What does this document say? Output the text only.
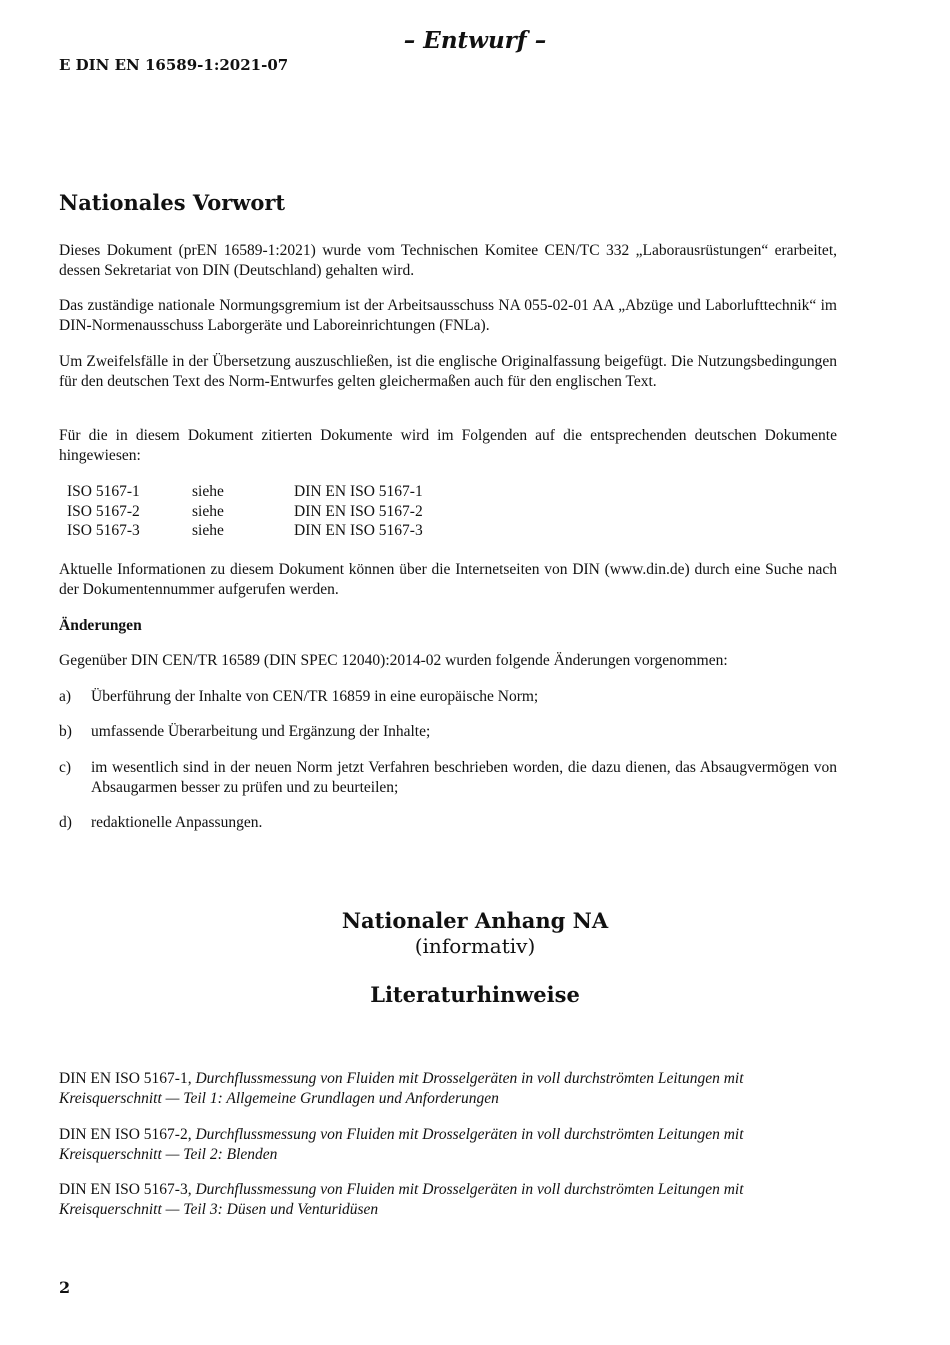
– Entwurf –
E DIN EN 16589-1:2021-07
Nationales Vorwort

Dieses Dokument (prEN 16589-1:2021) wurde vom Technischen Komitee CEN/TC 332 „Laborausrüstungen“ erarbeitet, dessen Sekretariat von DIN (Deutschland) gehalten wird.

Das zuständige nationale Normungsgremium ist der Arbeitsausschuss NA 055-02-01 AA „Abzüge und Laborlufttechnik“ im DIN-Normenausschuss Laborgeräte und Laboreinrichtungen (FNLa).

Um Zweifelsfälle in der Übersetzung auszuschließen, ist die englische Originalfassung beigefügt. Die Nutzungsbedingungen für den deutschen Text des Norm-Entwurfes gelten gleichermaßen auch für den englischen Text.

Für die in diesem Dokument zitierten Dokumente wird im Folgenden auf die entsprechenden deutschen Dokumente hingewiesen:

ISO 5167-1	siehe	DIN EN ISO 5167-1
ISO 5167-2	siehe	DIN EN ISO 5167-2
ISO 5167-3	siehe	DIN EN ISO 5167-3

Aktuelle Informationen zu diesem Dokument können über die Internetseiten von DIN (www.din.de) durch eine Suche nach der Dokumentennummer aufgerufen werden.

Änderungen
Gegenüber DIN CEN/TR 16589 (DIN SPEC 12040):2014-02 wurden folgende Änderungen vorgenommen:
a)	Überführung der Inhalte von CEN/TR 16859 in eine europäische Norm;
b)	umfassende Überarbeitung und Ergänzung der Inhalte;
c)	im wesentlich sind in der neuen Norm jetzt Verfahren beschrieben worden, die dazu dienen, das Absaugvermögen von Absaugarmen besser zu prüfen und zu beurteilen;
d)	redaktionelle Anpassungen.
Nationaler Anhang NA
(informativ)
Literaturhinweise
DIN EN ISO 5167-1, Durchflussmessung von Fluiden mit Drosselgeräten in voll durchströmten Leitungen mit Kreisquerschnitt — Teil 1: Allgemeine Grundlagen und Anforderungen
DIN EN ISO 5167-2, Durchflussmessung von Fluiden mit Drosselgeräten in voll durchströmten Leitungen mit Kreisquerschnitt — Teil 2: Blenden
DIN EN ISO 5167-3, Durchflussmessung von Fluiden mit Drosselgeräten in voll durchströmten Leitungen mit Kreisquerschnitt — Teil 3: Düsen und Venturidüsen
2
